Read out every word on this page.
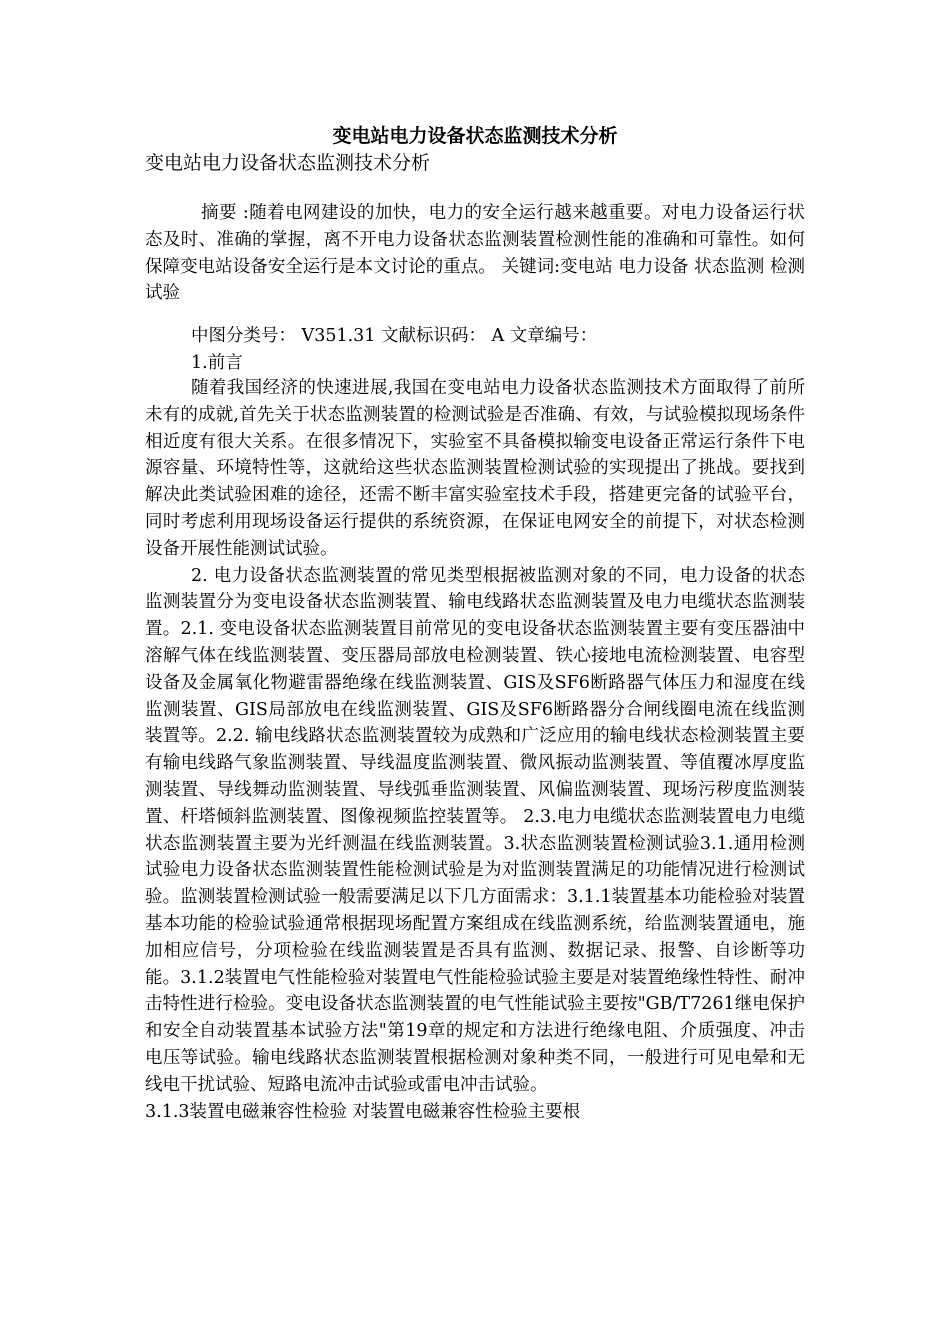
变电站电力设备状态监测技术分析
变电站电力设备状态监测技术分析
摘要 :随着电网建设的加快，电力的安全运行越来越重要。对电力设备运行状态及时、准确的掌握，离不开电力设备状态监测装置检测性能的准确和可靠性。如何保障变电站设备安全运行是本文讨论的重点。 关键词:变电站 电力设备 状态监测 检测试验
中图分类号： V351.31 文献标识码： A 文章编号：
1.前言

随着我国经济的快速进展,我国在变电站电力设备状态监测技术方面取得了前所未有的成就,首先关于状态监测装置的检测试验是否准确、有效，与试验模拟现场条件相近度有很大关系。在很多情况下，实验室不具备模拟输变电设备正常运行条件下电源容量、环境特性等，这就给这些状态监测装置检测试验的实现提出了挑战。要找到解决此类试验困难的途径，还需不断丰富实验室技术手段，搭建更完备的试验平台，同时考虑利用现场设备运行提供的系统资源，在保证电网安全的前提下，对状态检测设备开展性能测试试验。

2. 电力设备状态监测装置的常见类型根据被监测对象的不同，电力设备的状态监测装置分为变电设备状态监测装置、输电线路状态监测装置及电力电缆状态监测装置。2.1. 变电设备状态监测装置目前常见的变电设备状态监测装置主要有变压器油中溶解气体在线监测装置、变压器局部放电检测装置、铁心接地电流检测装置、电容型设备及金属氧化物避雷器绝缘在线监测装置、GIS及SF6断路器气体压力和湿度在线监测装置、GIS局部放电在线监测装置、GIS及SF6断路器分合闸线圈电流在线监测装置等。2.2. 输电线路状态监测装置较为成熟和广泛应用的输电线状态检测装置主要有输电线路气象监测装置、导线温度监测装置、微风振动监测装置、等值覆冰厚度监测装置、导线舞动监测装置、导线弧垂监测装置、风偏监测装置、现场污秽度监测装置、杆塔倾斜监测装置、图像视频监控装置等。 2.3.电力电缆状态监测装置电力电缆状态监测装置主要为光纤测温在线监测装置。3.状态监测装置检测试验3.1.通用检测试验电力设备状态监测装置性能检测试验是为对监测装置满足的功能情况进行检测试验。监测装置检测试验一般需要满足以下几方面需求：3.1.1装置基本功能检验对装置基本功能的检验试验通常根据现场配置方案组成在线监测系统，给监测装置通电，施加相应信号，分项检验在线监测装置是否具有监测、数据记录、报警、自诊断等功能。3.1.2装置电气性能检验对装置电气性能检验试验主要是对装置绝缘性特性、耐冲击特性进行检验。变电设备状态监测装置的电气性能试验主要按"GB/T7261继电保护和安全自动装置基本试验方法"第19章的规定和方法进行绝缘电阻、介质强度、冲击电压等试验。输电线路状态监测装置根据检测对象种类不同，一般进行可见电晕和无线电干扰试验、短路电流冲击试验或雷电冲击试验。

3.1.3装置电磁兼容性检验 对装置电磁兼容性检验主要根
